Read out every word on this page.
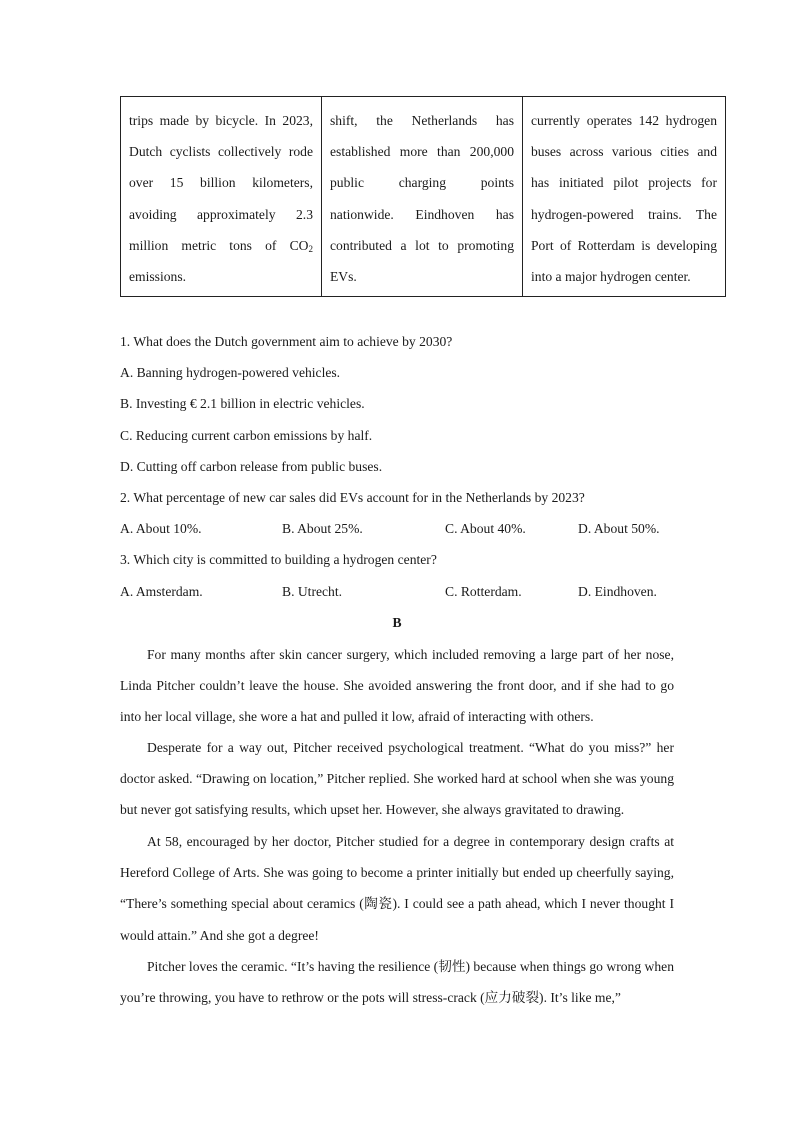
trips made by bicycle. In 2023, Dutch cyclists collectively rode over 15 billion kilometers, avoiding approximately 2.3 million metric tons of $CO_2$ emissions.	shift, the Netherlands has established more than 200,000 public charging points nationwide. Eindhoven has contributed a lot to promoting EVs.	currently operates 142 hydrogen buses across various cities and has initiated pilot projects for hydrogen-powered trains. The Port of Rotterdam is developing into a major hydrogen center.
1. What does the Dutch government aim to achieve by 2030?
A. Banning hydrogen-powered vehicles.
B. Investing € 2.1 billion in electric vehicles.
C. Reducing current carbon emissions by half.
D. Cutting off carbon release from public buses.
2. What percentage of new car sales did EVs account for in the Netherlands by 2023?
A. About 10%.	B. About 25%.	C. About 40%.	D. About 50%.
3. Which city is committed to building a hydrogen center?
A. Amsterdam.	B. Utrecht.	C. Rotterdam.	D. Eindhoven.
B
For many months after skin cancer surgery, which included removing a large part of her nose, Linda Pitcher couldn’t leave the house. She avoided answering the front door, and if she had to go into her local village, she wore a hat and pulled it low, afraid of interacting with others.
Desperate for a way out, Pitcher received psychological treatment. “What do you miss?” her doctor asked. “Drawing on location,” Pitcher replied. She worked hard at school when she was young but never got satisfying results, which upset her. However, she always gravitated to drawing.
At 58, encouraged by her doctor, Pitcher studied for a degree in contemporary design crafts at Hereford College of Arts. She was going to become a printer initially but ended up cheerfully saying, “There’s something special about ceramics (陶瓷). I could see a path ahead, which I never thought I would attain.” And she got a degree!
Pitcher loves the ceramic. “It’s having the resilience (韧性) because when things go wrong when you’re throwing, you have to rethrow or the pots will stress-crack (应力破裂). It’s like me,”
